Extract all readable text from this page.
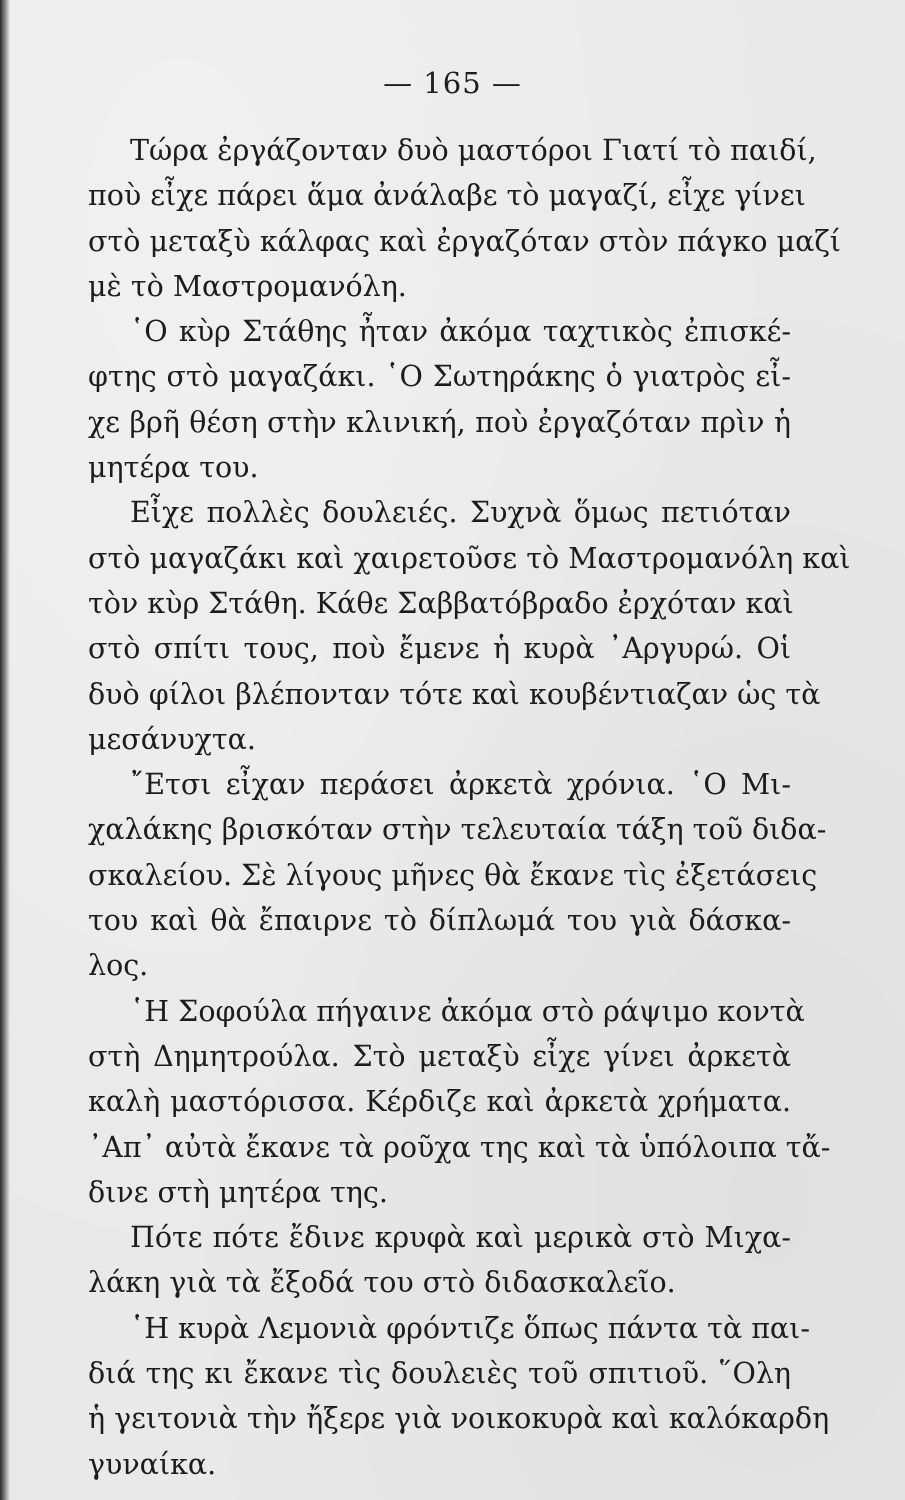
— 165 —
Τώρα ἐργάζονταν δυὸ μαστόροι Γιατί τὸ παιδί,
ποὺ εἶχε πάρει ἅμα ἀνάλαβε τὸ μαγαζί, εἶχε γίνει
στὸ μεταξὺ κάλφας καὶ ἐργαζόταν στὸν πάγκο μαζί
μὲ τὸ Μαστρομανόλη.
῾Ο κὺρ Στάθης ἦταν ἀκόμα ταχτικὸς ἐπισκέ-
φτης στὸ μαγαζάκι. ῾Ο Σωτηράκης ὁ γιατρὸς εἶ-
χε βρῆ θέση στὴν κλινική, ποὺ ἐργαζόταν πρὶν ἡ
μητέρα του.
Εἶχε πολλὲς δουλειές. Συχνὰ ὅμως πετιόταν
στὸ μαγαζάκι καὶ χαιρετοῦσε τὸ Μαστρομανόλη καὶ
τὸν κὺρ Στάθη. Κάθε Σαββατόβραδο ἐρχόταν καὶ
στὸ σπίτι τους, ποὺ ἔμενε ἡ κυρὰ ᾿Αργυρώ. Οἱ
δυὸ φίλοι βλέπονταν τότε καὶ κουβέντιαζαν ὡς τὰ
μεσάνυχτα.
῎Ετσι εἶχαν περάσει ἀρκετὰ χρόνια. ῾Ο Μι-
χαλάκης βρισκόταν στὴν τελευταία τάξη τοῦ διδα-
σκαλείου. Σὲ λίγους μῆνες θὰ ἔκανε τὶς ἐξετάσεις
του καὶ θὰ ἔπαιρνε τὸ δίπλωμά του γιὰ δάσκα-
λος.
῾Η Σοφούλα πήγαινε ἀκόμα στὸ ράψιμο κοντὰ
στὴ Δημητρούλα. Στὸ μεταξὺ εἶχε γίνει ἀρκετὰ
καλὴ μαστόρισσα. Κέρδιζε καὶ ἀρκετὰ χρήματα.
᾿Απ᾿ αὐτὰ ἔκανε τὰ ροῦχα της καὶ τὰ ὑπόλοιπα τἄ-
δινε στὴ μητέρα της.
Πότε πότε ἔδινε κρυφὰ καὶ μερικὰ στὸ Μιχα-
λάκη γιὰ τὰ ἔξοδά του στὸ διδασκαλεῖο.
῾Η κυρὰ Λεμονιὰ φρόντιζε ὅπως πάντα τὰ παι-
διά της κι ἔκανε τὶς δουλειὲς τοῦ σπιτιοῦ. ῞Ολη
ἡ γειτονιὰ τὴν ἤξερε γιὰ νοικοκυρὰ καὶ καλόκαρδη
γυναίκα.
